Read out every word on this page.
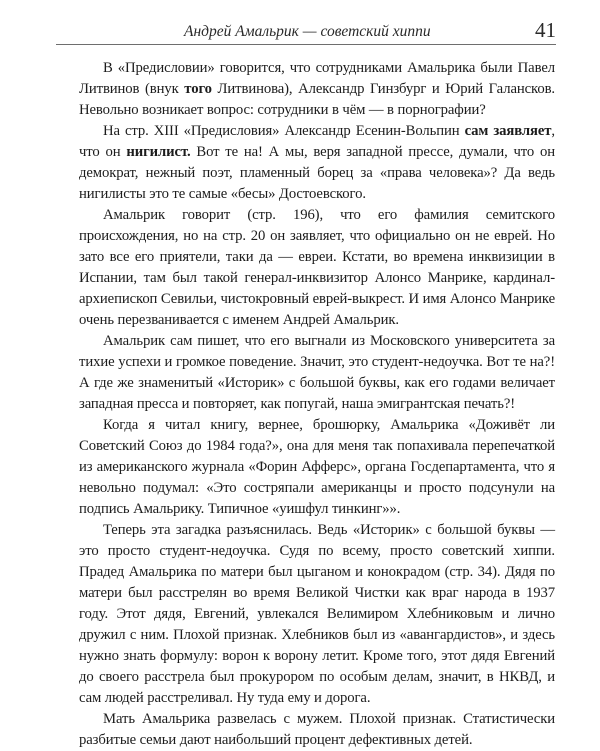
Андрей Амальрик — советский хиппи	41

В «Предисловии» говорится, что сотрудниками Амальрика были Павел Литвинов (внук того Литвинова), Александр Гинзбург и Юрий Галансков. Невольно возникает вопрос: сотрудники в чём — в порнографии?

На стр. XIII «Предисловия» Александр Есенин-Вольпин сам заявляет, что он нигилист. Вот те на! А мы, веря западной прессе, думали, что он демократ, нежный поэт, пламенный борец за «права человека»? Да ведь нигилисты это те самые «бесы» Достоевского.

Амальрик говорит (стр. 196), что его фамилия семитского происхождения, но на стр. 20 он заявляет, что официально он не еврей. Но зато все его приятели, таки да — евреи. Кстати, во времена инквизиции в Испании, там был такой генерал-инквизитор Алонсо Манрике, кардинал-архиепископ Севильи, чистокровный еврей-выкрест. И имя Алонсо Манрике очень перезванивается с именем Андрей Амальрик.

Амальрик сам пишет, что его выгнали из Московского университета за тихие успехи и громкое поведение. Значит, это студент-недоучка. Вот те на?! А где же знаменитый «Историк» с большой буквы, как его годами величает западная пресса и повторяет, как попугай, наша эмигрантская печать?!

Когда я читал книгу, вернее, брошюрку, Амальрика «Доживёт ли Советский Союз до 1984 года?», она для меня так попахивала перепечаткой из американского журнала «Форин Афферс», органа Госдепартамента, что я невольно подумал: «Это состряпали американцы и просто подсунули на подпись Амальрику. Типичное «уишфул тинкинг»».

Теперь эта загадка разъяснилась. Ведь «Историк» с большой буквы — это просто студент-недоучка. Судя по всему, просто советский хиппи. Прадед Амальрика по матери был цыганом и конокрадом (стр. 34). Дядя по матери был расстрелян во время Великой Чистки как враг народа в 1937 году. Этот дядя, Евгений, увлекался Велимиром Хлебниковым и лично дружил с ним. Плохой признак. Хлебников был из «авангардистов», и здесь нужно знать формулу: ворон к ворону летит. Кроме того, этот дядя Евгений до своего расстрела был прокурором по особым делам, значит, в НКВД, и сам людей расстреливал. Ну туда ему и дорога.

Мать Амальрика развелась с мужем. Плохой признак. Статистически разбитые семьи дают наибольший процент дефективных детей.
